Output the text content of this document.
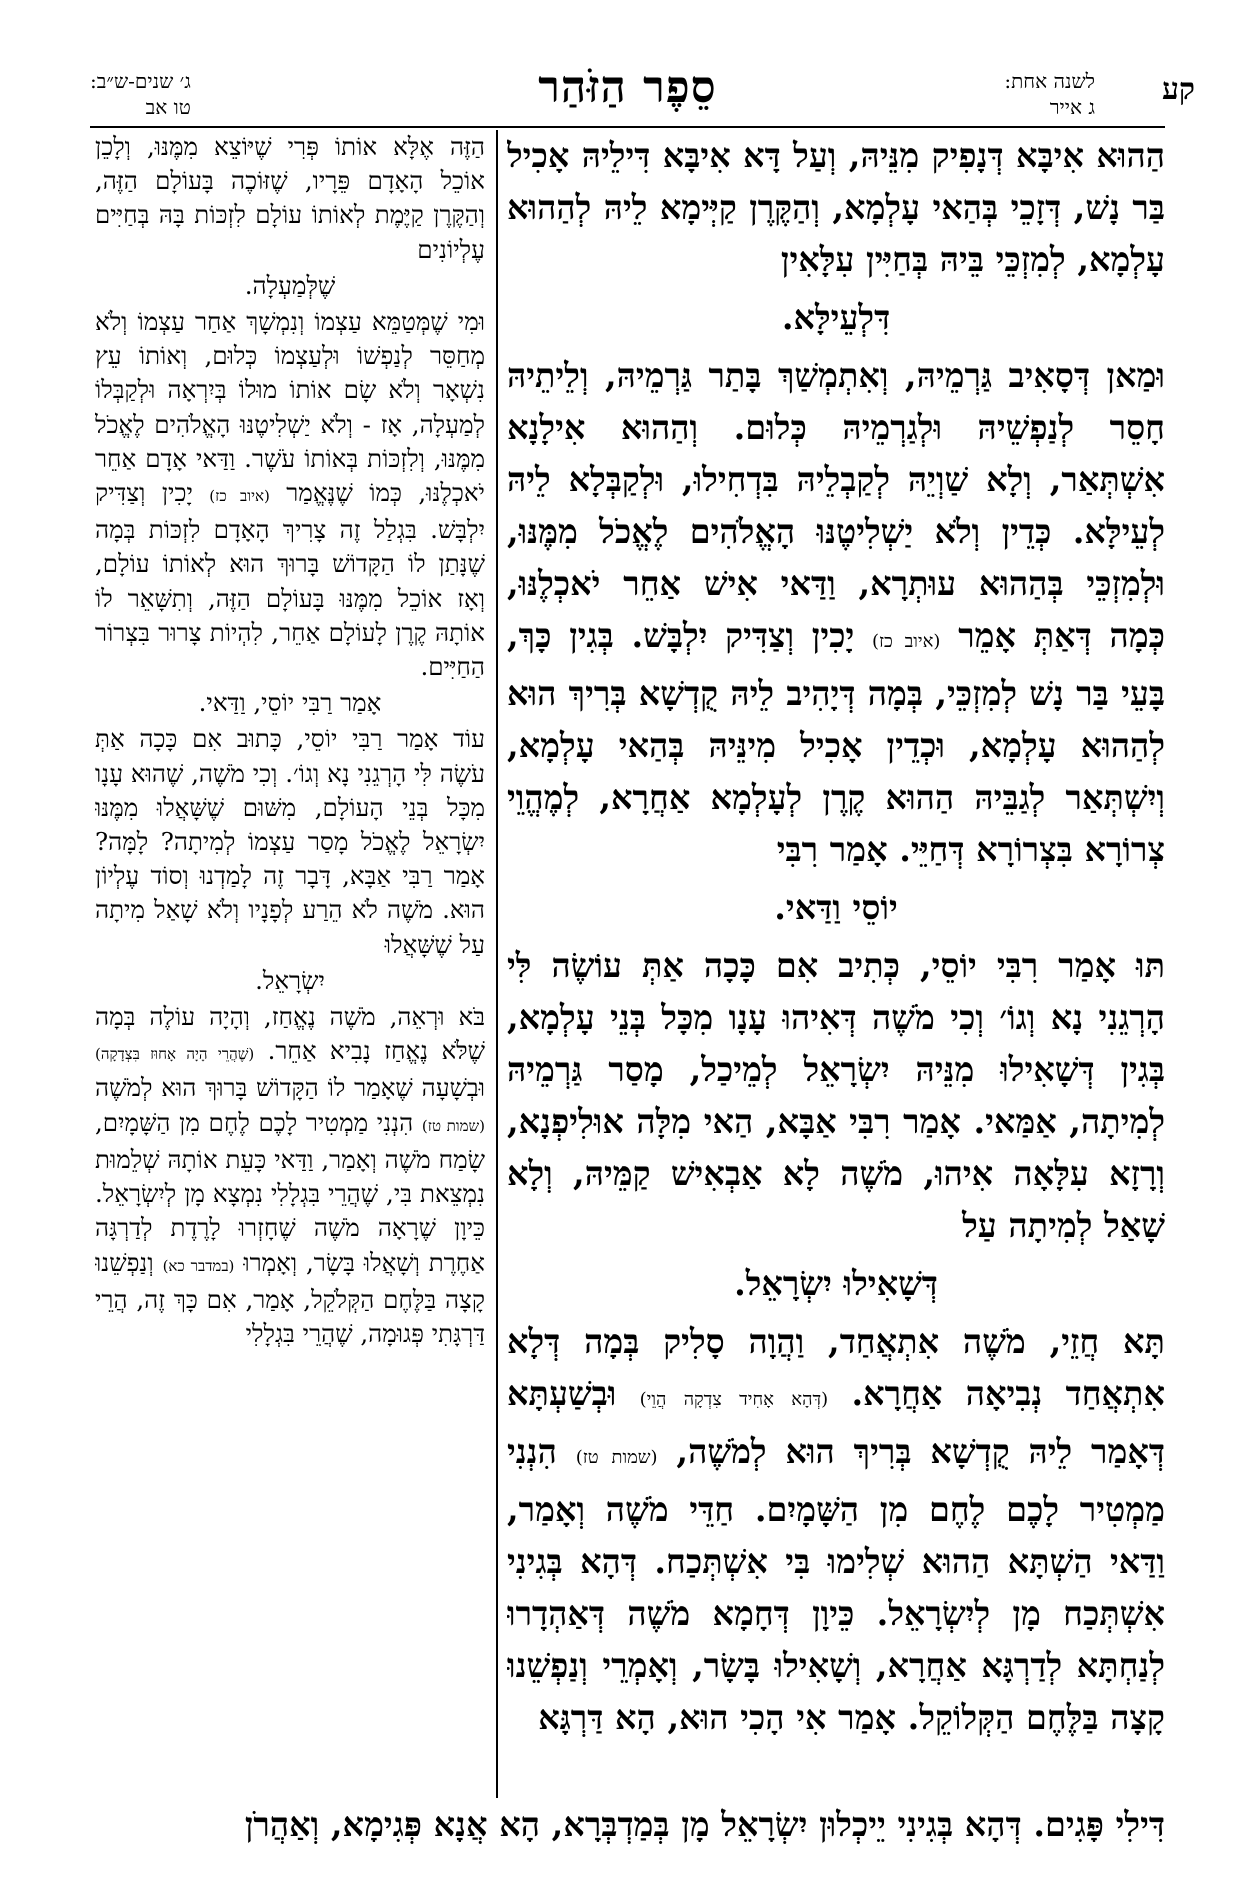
קע
לשנה אחת:
ג אייר
סֵפֶר הַזֹּהַר
ג׳ שנים-ש״ב:
טו אב

הַהוּא אִיבָּא דְּנָפִיק מִנֵּיהּ, וְעַל דָּא אִיבָּא דִּילֵיהּ אָכִיל בַּר נָשׁ, דְּזָכֵי בְּהַאי עָלְמָא, וְהַקֶּרֶן קַיְּימָא לֵיהּ לְהַהוּא עָלְמָא, לְמִזְכֵּי בֵּיהּ בְּחַיִּין עִלָּאִין

דִּלְעֵילָּא.

וּמַאן דְּסָאִיב גַּרְמֵיהּ, וְאִתְמְשַׁךְ בָּתַר גַּרְמֵיהּ, וְלֵיתֵיהּ חָסֵר לְנַפְשֵׁיהּ וּלְגַרְמֵיהּ כְּלוּם. וְהַהוּא אִילָנָא אִשְׁתְּאַר, וְלָא שַׁוְיֵהּ לְקַבְלֵיהּ בִּדְחִילוּ, וּלְקַבְּלָא לֵיהּ לְעֵילָּא. כְּדֵין וְלֹא יַשְׁלִיטֶנּוּ הָאֱלֹהִים לֶאֱכֹל מִמֶּנּוּ, וּלְמִזְכֵּי בְּהַהוּא עוּתְרָא, וַדַּאי אִישׁ אַחֵר יֹאכְלֶנּוּ, כְּמָה דְּאַתְּ אָמֵר (איוב כז) יָכִין וְצַדִּיק יִלְבָּשׁ. בְּגִין כָּךְ, בָּעֵי בַּר נָשׁ לְמִזְכֵּי, בְּמָה דְּיָהִיב לֵיהּ קֻדְשָׁא בְּרִיךְ הוּא לְהַהוּא עָלְמָא, וּכְדֵין אָכִיל מִינֵּיהּ בְּהַאי עָלְמָא, וְיִשְׁתְּאַר לְגַבֵּיהּ הַהוּא קֶרֶן לְעָלְמָא אַחֲרָא, לְמֶהֱוֵי צְרוֹרָא בִּצְרוֹרָא דְּחַיֵּי. אָמַר רִבִּי

יוֹסֵי וַדַּאי.

תּוּ אָמַר רִבִּי יוֹסֵי, כְּתִיב אִם כָּכָה אַתְּ עוֹשֶׂה לִּי הָרְגֵנִי נָא וְגוֹ׳ וְכִי מֹשֶׁה דְּאִיהוּ עָנָו מִכָּל בְּנֵי עָלְמָא, בְּגִין דְּשָׁאִילוּ מִנֵּיהּ יִשְׂרָאֵל לְמֵיכַל, מָסַר גַּרְמֵיהּ לְמִיתָה, אַמַּאי. אָמַר רִבִּי אַבָּא, הַאי מִלָּה אוּלִיפְנָא, וְרָזָא עִלָּאָה אִיהוּ, מֹשֶׁה לָא אַבְאִישׁ קַמֵּיהּ, וְלָא שָׁאַל לְמִיתָה עַל

דְּשָׁאִילוּ יִשְׂרָאֵל.

תָּא חֲזֵי, מֹשֶׁה אִתְאֲחַד, וַהֲוָה סָלִיק בְּמָה דְּלָא אִתְאֲחַד נְבִיאָה אַחֲרָא. (דְּהָא אָחִיד צִדְקָה הֲוֵי) וּבְשַׁעְתָּא דְּאָמַר לֵיהּ קֻדְשָׁא בְּרִיךְ הוּא לְמֹשֶׁה, (שמות טז) הִנְנִי מַמְטִיר לָכֶם לֶחֶם מִן הַשָּׁמָיִם. חַדֵּי מֹשֶׁה וְאָמַר, וַדַּאי הַשְׁתָּא הַהוּא שְׁלִימוּ בִּי אִשְׁתְּכַח. דְּהָא בְּגִינִי אִשְׁתְּכַח מָן לְיִשְׂרָאֵל. כֵּיוָן דְּחָמָא מֹשֶׁה דְּאַהְדָרוּ לְנַחְתָּא לְדַרְגָּא אַחֲרָא, וְשָׁאִילוּ בָּשָׂר, וְאָמְרֵי וְנַפְשֵׁנוּ קָצָה בַּלֶּחֶם הַקְּלוֹקֵל. אָמַר אִי הָכִי הוּא, הָא דַּרְגָּא

הַזֶּה אֶלָּא אוֹתוֹ פְּרִי שֶׁיּוֹצֵא מִמֶּנּוּ, וְלָכֵן אוֹכֵל הָאָדָם פֵּרָיו, שֶׁזּוֹכֶה בָּעוֹלָם הַזֶּה, וְהַקֶּרֶן קַיֶּמֶת לְאוֹתוֹ עוֹלָם לִזְכּוֹת בָּהּ בְּחַיִּים עֶלְיוֹנִים

שֶׁלְּמַעְלָה.

וּמִי שֶׁמְּטַמֵּא עַצְמוֹ וְנִמְשָׁךְ אַחַר עַצְמוֹ וְלֹא מְחַסֵּר לְנַפְשׁוֹ וּלְעַצְמוֹ כְּלוּם, וְאוֹתוֹ עֵץ נִשְׁאָר וְלֹא שָׂם אוֹתוֹ מוּלוֹ בְּיִרְאָה וּלְקַבְּלוֹ לְמַעְלָה, אָז - וְלֹא יַשְׁלִיטֶנּוּ הָאֱלֹהִים לֶאֱכֹל מִמֶּנּוּ, וְלִזְכּוֹת בְּאוֹתוֹ עֹשֶׁר. וַדַּאי אָדָם אַחֵר יֹאכְלֶנּוּ, כְּמוֹ שֶׁנֶּאֱמַר (איוב כז) יָכִין וְצַדִּיק יִלְבָּשׁ. בִּגְלַל זֶה צָרִיךְ הָאָדָם לִזְכּוֹת בְּמָה שֶׁנָּתַן לוֹ הַקָּדוֹשׁ בָּרוּךְ הוּא לְאוֹתוֹ עוֹלָם, וְאָז אוֹכֵל מִמֶּנּוּ בָּעוֹלָם הַזֶּה, וְתִשָּׁאֵר לוֹ אוֹתָהּ קֶרֶן לָעוֹלָם אַחֵר, לִהְיוֹת צָרוּר בִּצְרוֹר הַחַיִּים.

אָמַר רַבִּי יוֹסֵי, וַדַּאי.

עוֹד אָמַר רַבִּי יוֹסֵי, כָּתוּב אִם כָּכָה אַתְּ עֹשֶׂה לִּי הָרְגֵנִי נָא וְגוֹ׳. וְכִי מֹשֶׁה, שֶׁהוּא עָנָו מִכָּל בְּנֵי הָעוֹלָם, מִשּׁוּם שֶׁשָּׁאֲלוּ מִמֶּנּוּ יִשְׂרָאֵל לֶאֱכֹל מָסַר עַצְמוֹ לְמִיתָה? לָמָּה? אָמַר רַבִּי אַבָּא, דָּבָר זֶה לָמַדְנוּ וְסוֹד עֶלְיוֹן הוּא. מֹשֶׁה לֹא הֵרַע לְפָנָיו וְלֹא שָׁאַל מִיתָה עַל שֶׁשָּׁאֲלוּ

יִשְׂרָאֵל.

בֹּא וּרְאֵה, מֹשֶׁה נֶאֱחַז, וְהָיָה עוֹלֶה בְּמָה שֶׁלֹּא נֶאֱחַז נָבִיא אַחֵר. (שֶׁהֲרֵי הָיָה אָחוּז בִּצְדָקָה) וּבְשָׁעָה שֶׁאָמַר לוֹ הַקָּדוֹשׁ בָּרוּךְ הוּא לְמֹשֶׁה (שמות טז) הִנְנִי מַמְטִיר לָכֶם לֶחֶם מִן הַשָּׁמָיִם, שָׂמַח מֹשֶׁה וְאָמַר, וַדַּאי כָּעֵת אוֹתָהּ שְׁלֵמוּת נִמְצֵאת בִּי, שֶׁהֲרֵי בִּגְלָלִי נִמְצָא מָן לְיִשְׂרָאֵל. כֵּיוָן שֶׁרָאָה מֹשֶׁה שֶׁחָזְרוּ לָרֶדֶת לְדַרְגָּה אַחֶרֶת וְשָׁאֲלוּ בָּשָׂר, וְאָמְרוּ (במדבר כא) וְנַפְשֵׁנוּ קָצָה בַּלֶּחֶם הַקְּלֹקֵל, אָמַר, אִם כָּךְ זֶה, הֲרֵי דַּרְגָּתִי פְּגוּמָה, שֶׁהֲרֵי בִּגְלָלִי

דִּילִי פָּגִים. דְּהָא בְּגִינִי יֵיכְלוּן יִשְׂרָאֵל מָן בְּמַדְבְּרָא, הָא אֲנָא פְּגִימָא, וְאַהֲרֹן
